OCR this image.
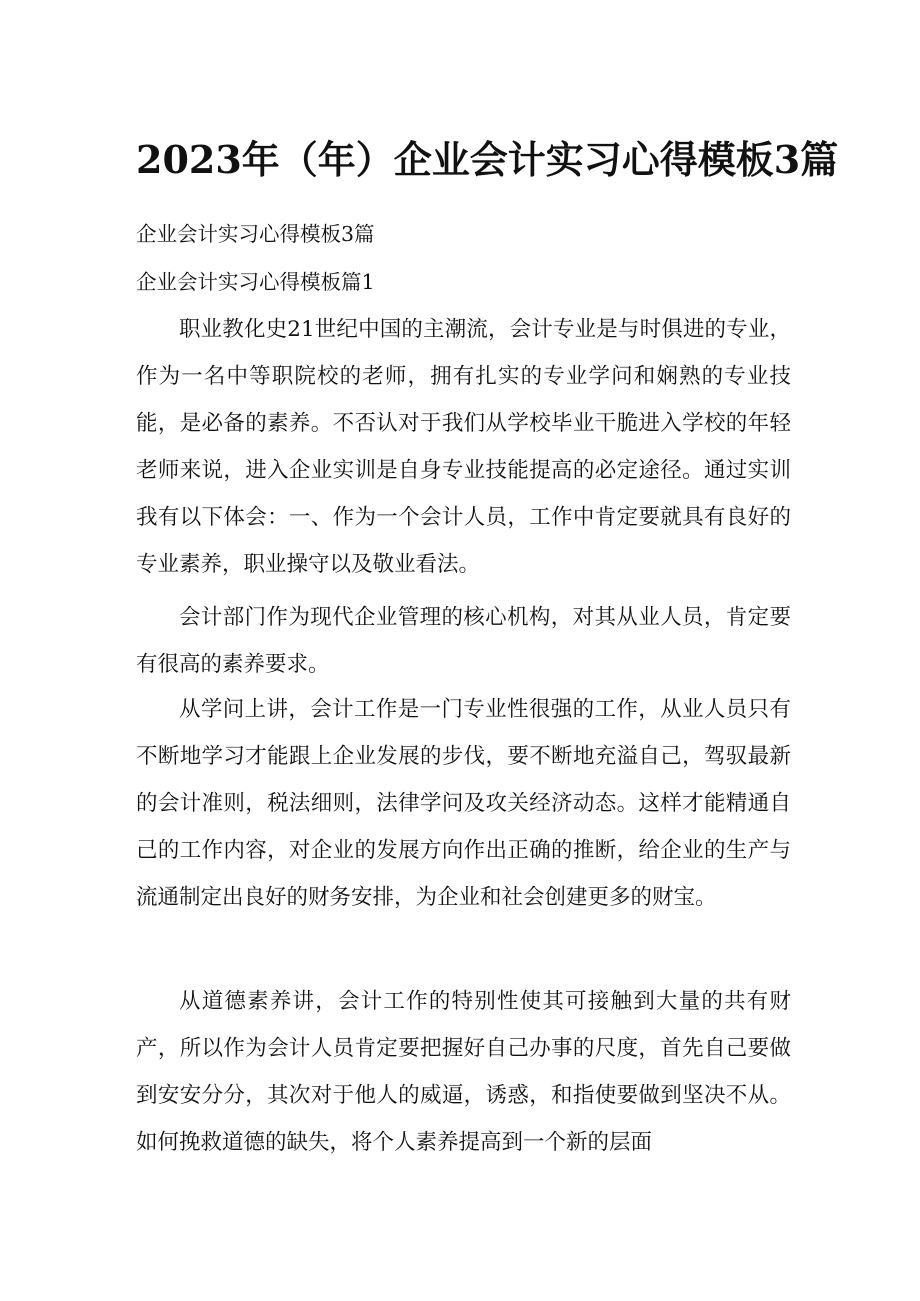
2023年（年）企业会计实习心得模板3篇

企业会计实习心得模板3篇

企业会计实习心得模板篇1

职业教化史21世纪中国的主潮流，会计专业是与时俱进的专业，作为一名中等职院校的老师，拥有扎实的专业学问和娴熟的专业技能，是必备的素养。不否认对于我们从学校毕业干脆进入学校的年轻老师来说，进入企业实训是自身专业技能提高的必定途径。通过实训我有以下体会：一、作为一个会计人员，工作中肯定要就具有良好的专业素养，职业操守以及敬业看法。

会计部门作为现代企业管理的核心机构，对其从业人员，肯定要有很高的素养要求。

从学问上讲，会计工作是一门专业性很强的工作，从业人员只有不断地学习才能跟上企业发展的步伐，要不断地充溢自己，驾驭最新的会计准则，税法细则，法律学问及攻关经济动态。这样才能精通自己的工作内容，对企业的发展方向作出正确的推断，给企业的生产与流通制定出良好的财务安排，为企业和社会创建更多的财宝。

从道德素养讲，会计工作的特别性使其可接触到大量的共有财产，所以作为会计人员肯定要把握好自己办事的尺度，首先自己要做到安安分分，其次对于他人的威逼，诱惑，和指使要做到坚决不从。如何挽救道德的缺失，将个人素养提高到一个新的层面
